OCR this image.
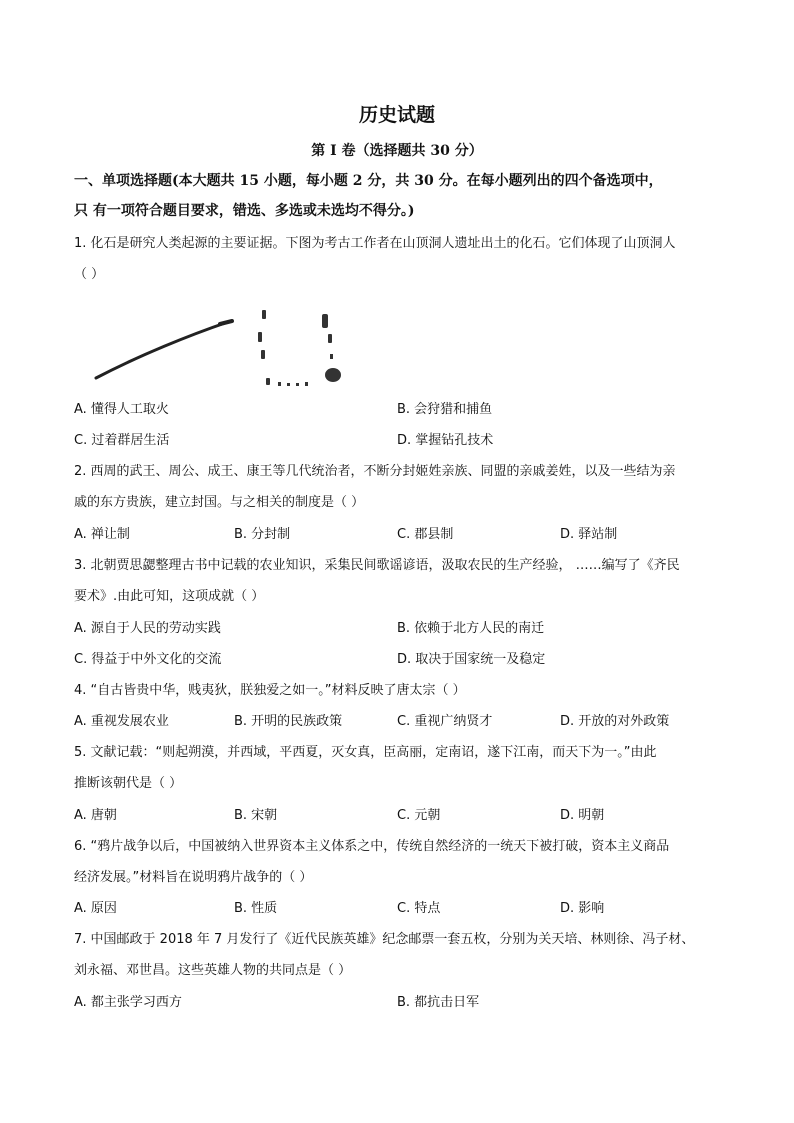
历史试题
第 I 卷（选择题共 30 分）
一、单项选择题(本大题共 15 小题，每小题 2 分，共 30 分。在每小题列出的四个备选项中，
只 有一项符合题目要求，错选、多选或未选均不得分。)
1. 化石是研究人类起源的主要证据。下图为考古工作者在山顶洞人遗址出土的化石。它们体现了山顶洞人
（ ）
A. 懂得人工取火	B. 会狩猎和捕鱼
C. 过着群居生活	D. 掌握钻孔技术
2. 西周的武王、周公、成王、康王等几代统治者，不断分封姬姓亲族、同盟的亲戚姜姓，以及一些结为亲
戚的东方贵族，建立封国。与之相关的制度是（ ）
A. 禅让制	B. 分封制	C. 郡县制	D. 驿站制
3. 北朝贾思勰整理古书中记载的农业知识，采集民间歌谣谚语，汲取农民的生产经验， ……编写了《齐民
要术》.由此可知，这项成就（ ）
A. 源自于人民的劳动实践	B. 依赖于北方人民的南迁
C. 得益于中外文化的交流	D. 取决于国家统一及稳定
4. “自古皆贵中华，贱夷狄，朕独爱之如一。”材料反映了唐太宗（ ）
A. 重视发展农业	B. 开明的民族政策	C. 重视广纳贤才	D. 开放的对外政策
5. 文献记载：“则起朔漠，并西域，平西夏，灭女真，臣高丽，定南诏，遂下江南，而天下为一。”由此
推断该朝代是（ ）
A. 唐朝	B. 宋朝	C. 元朝	D. 明朝
6. “鸦片战争以后，中国被纳入世界资本主义体系之中，传统自然经济的一统天下被打破，资本主义商品
经济发展。”材料旨在说明鸦片战争的（ ）
A. 原因	B. 性质	C. 特点	D. 影响
7. 中国邮政于 2018 年 7 月发行了《近代民族英雄》纪念邮票一套五枚，分别为关天培、林则徐、冯子材、
刘永福、邓世昌。这些英雄人物的共同点是（ ）
A. 都主张学习西方	B. 都抗击日军
